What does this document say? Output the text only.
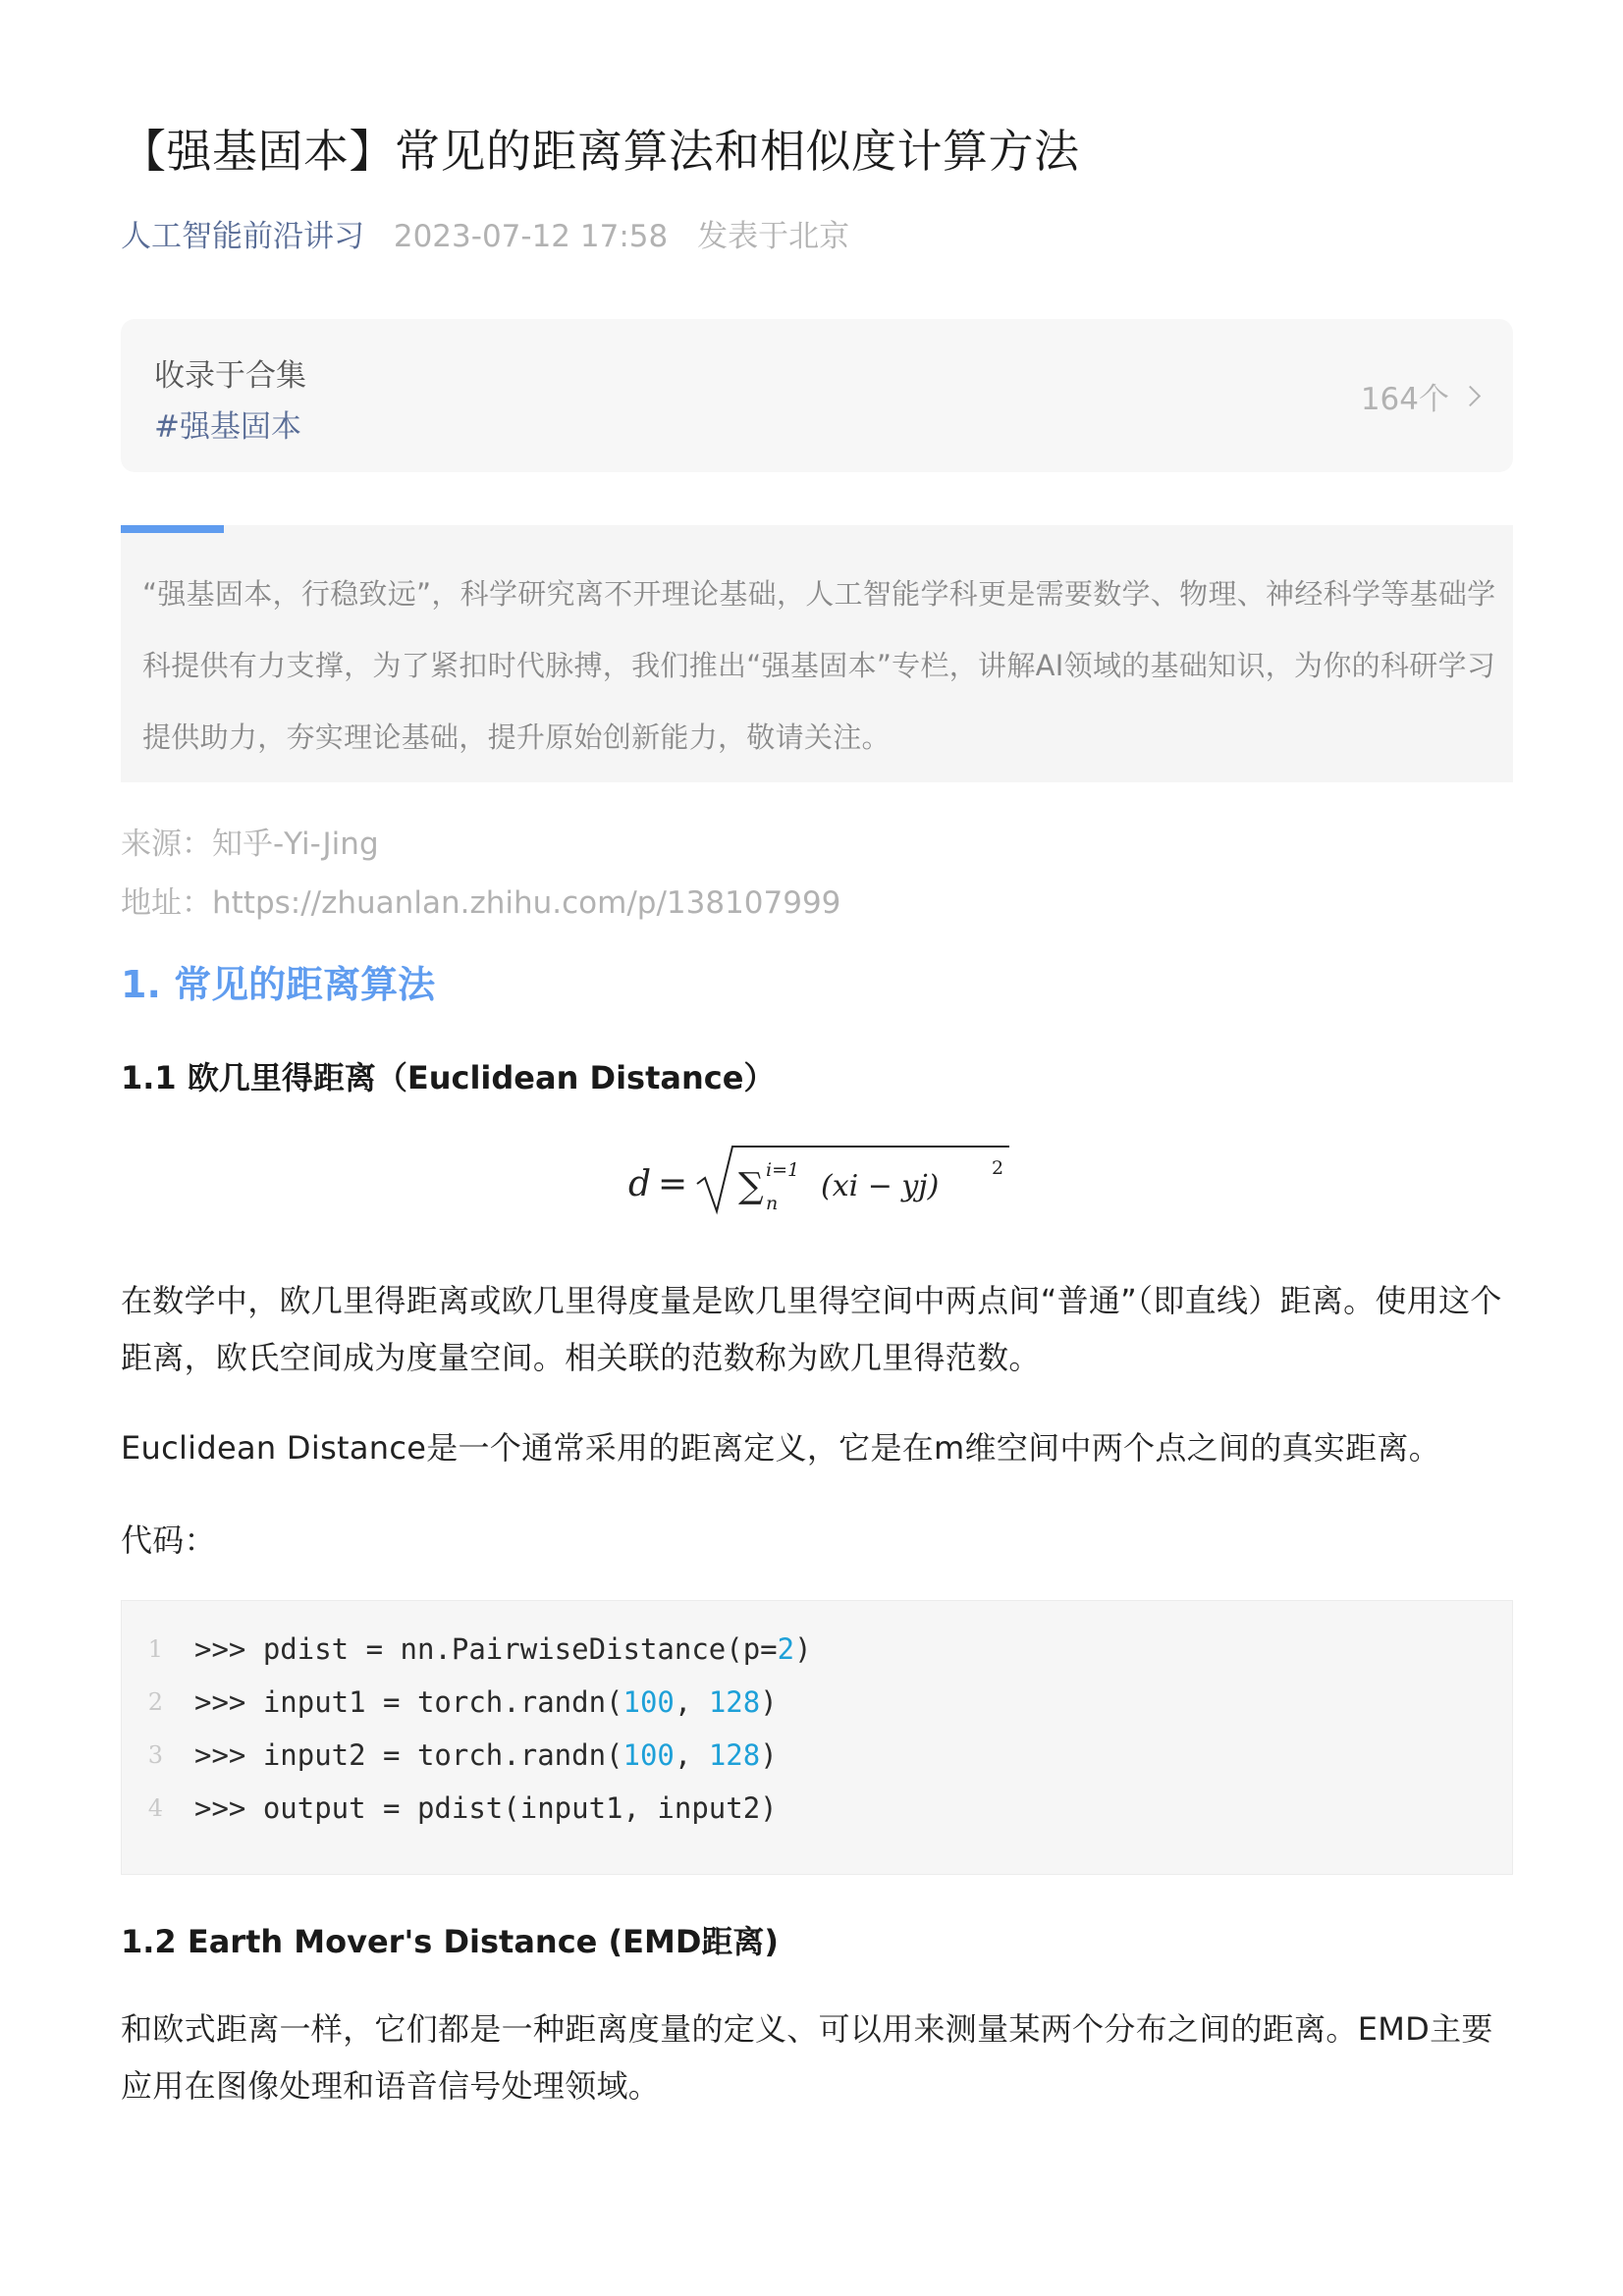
【强基固本】常见的距离算法和相似度计算方法
人工智能前沿讲习 2023-07-12 17:58 发表于北京
收录于合集
#强基固本
164个
“强基固本，行稳致远”，科学研究离不开理论基础，人工智能学科更是需要数学、物理、神经科学等基础学科提供有力支撑，为了紧扣时代脉搏，我们推出“强基固本”专栏，讲解AI领域的基础知识，为你的科研学习提供助力，夯实理论基础，提升原始创新能力，敬请关注。
来源：知乎-Yi-Jing
地址：https://zhuanlan.zhihu.com/p/138107999
1. 常见的距离算法
1.1 欧几里得距离（Euclidean Distance）
d = ∑ i=1
n (xi − yj)
2
在数学中，欧几里得距离或欧几里得度量是欧几里得空间中两点间“普通”（即直线）距离。使用这个距离，欧氏空间成为度量空间。相关联的范数称为欧几里得范数。
Euclidean Distance是一个通常采用的距离定义，它是在m维空间中两个点之间的真实距离。
代码：
1 >>> pdist = nn.PairwiseDistance(p= 2 )
2 >>> input1 = torch.randn( 100 , 128 )
3 >>> input2 = torch.randn( 100 , 128 )
4 >>> output = pdist(input1, input2)
1.2 Earth Mover's Distance (EMD距离)
和欧式距离一样，它们都是一种距离度量的定义、可以用来测量某两个分布之间的距离。EMD主要应用在图像处理和语音信号处理领域。
